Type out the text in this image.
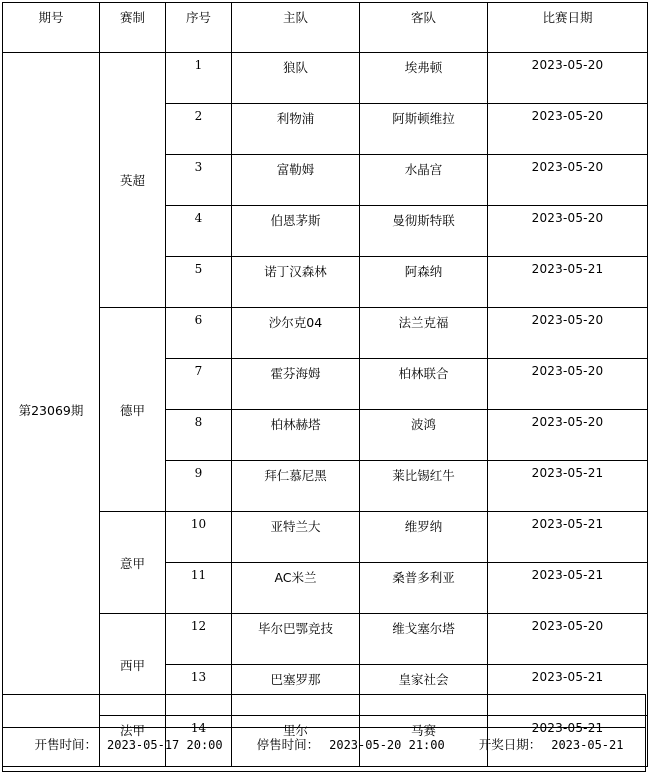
期号	赛制	序号	主队	客队	比赛日期
第23069期	英超	1	狼队	埃弗顿	2023-05-20
		2	利物浦	阿斯顿维拉	2023-05-20
		3	富勒姆	水晶宫	2023-05-20
		4	伯恩茅斯	曼彻斯特联	2023-05-20
		5	诺丁汉森林	阿森纳	2023-05-21
	德甲	6	沙尔克04	法兰克福	2023-05-20
		7	霍芬海姆	柏林联合	2023-05-20
		8	柏林赫塔	波鸿	2023-05-20
		9	拜仁慕尼黑	莱比锡红牛	2023-05-21
	意甲	10	亚特兰大	维罗纳	2023-05-21
		11	AC米兰	桑普多利亚	2023-05-21
	西甲	12	毕尔巴鄂竞技	维戈塞尔塔	2023-05-20
		13	巴塞罗那	皇家社会	2023-05-21
	法甲	14	里尔	马赛	2023-05-21
开售时间： 2023-05-17 20:00	停售时间： 2023-05-20 21:00	开奖日期： 2023-05-21
